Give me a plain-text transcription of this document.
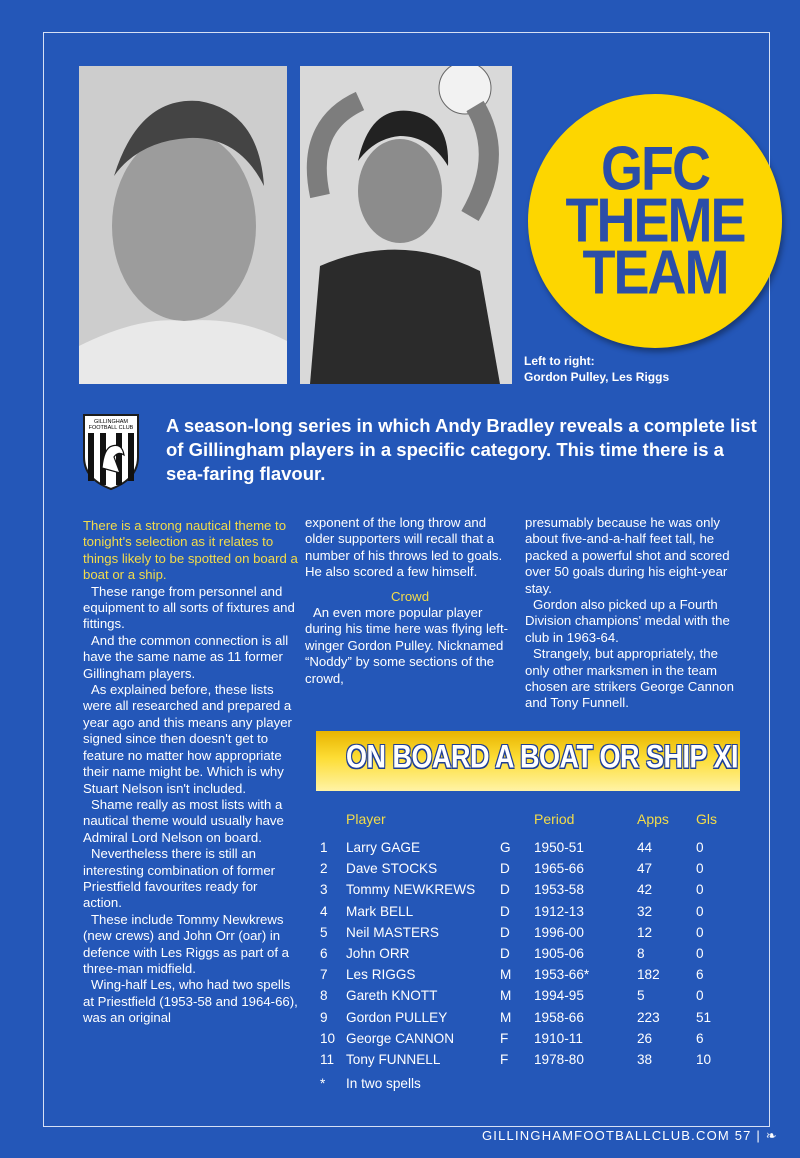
GFC
THEME
TEAM
Left to right:
Gordon Pulley, Les Riggs
GILLINGHAM
FOOTBALL CLUB A season-long series in which Andy Bradley reveals a complete list of Gillingham players in a specific category. This time there is a sea-faring flavour.

There is a strong nautical theme to tonight's selection as it relates to things likely to be spotted on board a boat or a ship.

These range from personnel and equipment to all sorts of fixtures and fittings.

And the common connection is all have the same name as 11 former Gillingham players.

As explained before, these lists were all researched and prepared a year ago and this means any player signed since then doesn't get to feature no matter how appropriate their name might be. Which is why Stuart Nelson isn't included.

Shame really as most lists with a nautical theme would usually have Admiral Lord Nelson on board.

Nevertheless there is still an interesting combination of former Priestfield favourites ready for action.

These include Tommy Newkrews (new crews) and John Orr (oar) in defence with Les Riggs as part of a three-man midfield.

Wing-half Les, who had two spells at Priestfield (1953-58 and 1964-66), was an original

exponent of the long throw and older supporters will recall that a number of his throws led to goals. He also scored a few himself.

Crowd

An even more popular player during his time here was flying left-winger Gordon Pulley. Nicknamed “Noddy” by some sections of the crowd,

presumably because he was only about five-and-a-half feet tall, he packed a powerful shot and scored over 50 goals during his eight-year stay.

Gordon also picked up a Fourth Division champions' medal with the club in 1963-64.

Strangely, but appropriately, the only other marksmen in the team chosen are strikers George Cannon and Tony Funnell.

ON BOARD A BOAT OR SHIP XI
Player	Period	Apps Gls
1 Larry GAGE	G 1950-51	44	0
2 Dave STOCKS	D 1965-66	47	0
3 Tommy NEWKREWS D 1953-58	42	0
4 Mark BELL	D 1912-13	32	0
5 Neil MASTERS	D 1996-00	12	0
6 John ORR	D 1905-06	8	0
7 Les RIGGS	M 1953-66*	182	6
8 Gareth KNOTT	M 1994-95	5	0
9 Gordon PULLEY	M 1958-66	223	51
10 George CANNON	F 1910-11	26	6
11 Tony FUNNELL	F 1978-80	38	10
* In two spells
GILLINGHAMFOOTBALLCLUB.COM 57 | ❧
